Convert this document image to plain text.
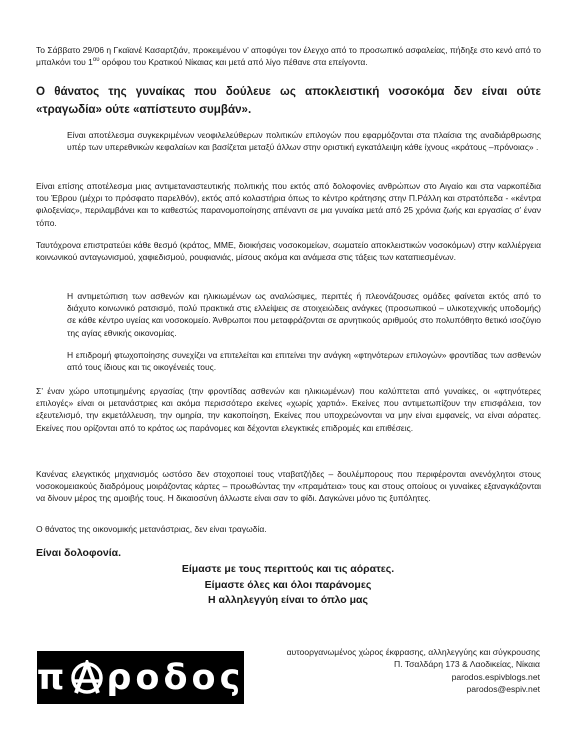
Το Σάββατο 29/06 η Γκαϊανέ Κασαρτζιάν, προκειμένου ν’ αποφύγει τον έλεγχο από το προσωπικό ασφαλείας, πήδηξε στο κενό από το μπαλκόνι του $1^{o\upsilon}$ ορόφου του Κρατικού Νίκαιας και μετά από λίγο πέθανε στα επείγοντα.

Ο θάνατος της γυναίκας που δούλευε ως αποκλειστική νοσοκόμα δεν είναι ούτε «τραγωδία» ούτε «απίστευτο συμβάν».

Είναι αποτέλεσμα συγκεκριμένων νεοφιλελεύθερων πολιτικών επιλογών που εφαρμόζονται στα πλαίσια της αναδιάρθρωσης υπέρ των υπερεθνικών κεφαλαίων και βασίζεται μεταξύ άλλων στην οριστική εγκατάλειψη κάθε ίχνους «κράτους –πρόνοιας» .

Είναι επίσης αποτέλεσμα μιας αντιμεταναστευτικής πολιτικής που εκτός από δολοφονίες ανθρώπων στο Αιγαίο και στα ναρκοπέδια του Έβρου (μέχρι το πρόσφατο παρελθόν), εκτός από κολαστήρια όπως το κέντρο κράτησης στην Π.Ράλλη και στρατόπεδα - «κέντρα φιλοξενίας», περιλαμβάνει και το καθεστώς παρανομοποίησης απέναντι σε μια γυναίκα μετά από 25 χρόνια ζωής και εργασίας σ’ έναν τόπο.

Ταυτόχρονα επιστρατεύει κάθε θεσμό (κράτος, ΜΜΕ, διοικήσεις νοσοκομείων, σωματείο αποκλειστικών νοσοκόμων) στην καλλιέργεια κοινωνικού ανταγωνισμού, χαφιεδισμού, ρουφιανιάς, μίσους ακόμα και ανάμεσα στις τάξεις των καταπιεσμένων.

Η αντιμετώπιση των ασθενών και ηλικιωμένων ως αναλώσιμες, περιττές ή πλεονάζουσες ομάδες φαίνεται εκτός από το διάχυτο κοινωνικό ρατσισμό, πολύ πρακτικά στις ελλείψεις σε στοιχειώδεις ανάγκες (προσωπικού – υλικοτεχνικής υποδομής) σε κάθε κέντρο υγείας και νοσοκομείο. Άνθρωποι που μεταφράζονται σε αρνητικούς αριθμούς στο πολυπόθητο θετικό ισοζύγιο της αγίας εθνικής οικονομίας.

Η επιδρομή φτωχοποίησης συνεχίζει να επιτελείται και επιτείνει την ανάγκη «φτηνότερων επιλογών» φροντίδας των ασθενών από τους ίδιους και τις οικογένειές τους.

Σ’ έναν χώρο υποτιμημένης εργασίας (την φροντίδας ασθενών και ηλικιωμένων) που καλύπτεται από γυναίκες, οι «φτηνότερες επιλογές» είναι οι μετανάστριες και ακόμα περισσότερο εκείνες «χωρίς χαρτιά». Εκείνες που αντιμετωπίζουν την επισφάλεια, τον εξευτελισμό, την εκμετάλλευση, την ομηρία, την κακοποίηση, Εκείνες που υποχρεώνονται να μην είναι εμφανείς, να είναι αόρατες. Εκείνες που ορίζονται από το κράτος ως παράνομες και δέχονται ελεγκτικές επιδρομές και επιθέσεις.

Κανένας ελεγκτικός μηχανισμός ωστόσο δεν στοχοποιεί τους νταβατζήδες – δουλέμπορους που περιφέρονται ανενόχλητοι στους νοσοκομειακούς διαδρόμους μοιράζοντας κάρτες – προωθώντας την «πραμάτεια» τους και στους οποίους οι γυναίκες εξαναγκάζονται να δίνουν μέρος της αμοιβής τους. Η δικαιοσύνη άλλωστε είναι σαν το φίδι. Δαγκώνει μόνο τις ξυπόλητες.

Ο θάνατος της οικονομικής μετανάστριας, δεν είναι τραγωδία.

Είναι δολοφονία.

Είμαστε με τους περιττούς και τις αόρατες.
Είμαστε όλες και όλοι παράνομες
Η αλληλεγγύη είναι το όπλο μας
π ροδος
αυτοοργανωμένος χώρος έκφρασης, αλληλεγγύης και σύγκρουσης
Π. Τσαλδάρη 173 & Λαοδικείας, Νίκαια
parodos.espivblogs.net
parodos@espiv.net
